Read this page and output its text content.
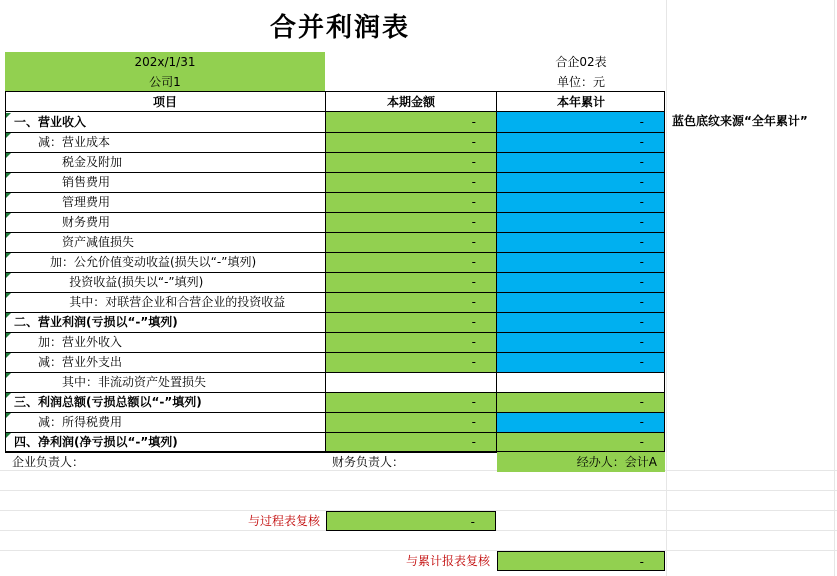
合并利润表
202x/1/31
公司1
合企02表
单位：元
项目	本期金额	本年累计
蓝色底纹来源“全年累计”
一、营业收入	-	-
减：营业成本	-	-
税金及附加	-	-
销售费用	-	-
管理费用	-	-
财务费用	-	-
资产减值损失	-	-
加：公允价值变动收益(损失以“-”填列)	-	-
投资收益(损失以“-”填列)	-	-
其中：对联营企业和合营企业的投资收益	-	-
二、营业利润(亏损以“-”填列)	-	-
加：营业外收入	-	-
减：营业外支出	-	-
其中：非流动资产处置损失
三、利润总额(亏损总额以“-”填列)	-	-
减：所得税费用	-	-
四、净利润(净亏损以“-”填列)	-	-
企业负责人：	财务负责人：	经办人：会计A
与过程表复核	-
与累计报表复核	-
